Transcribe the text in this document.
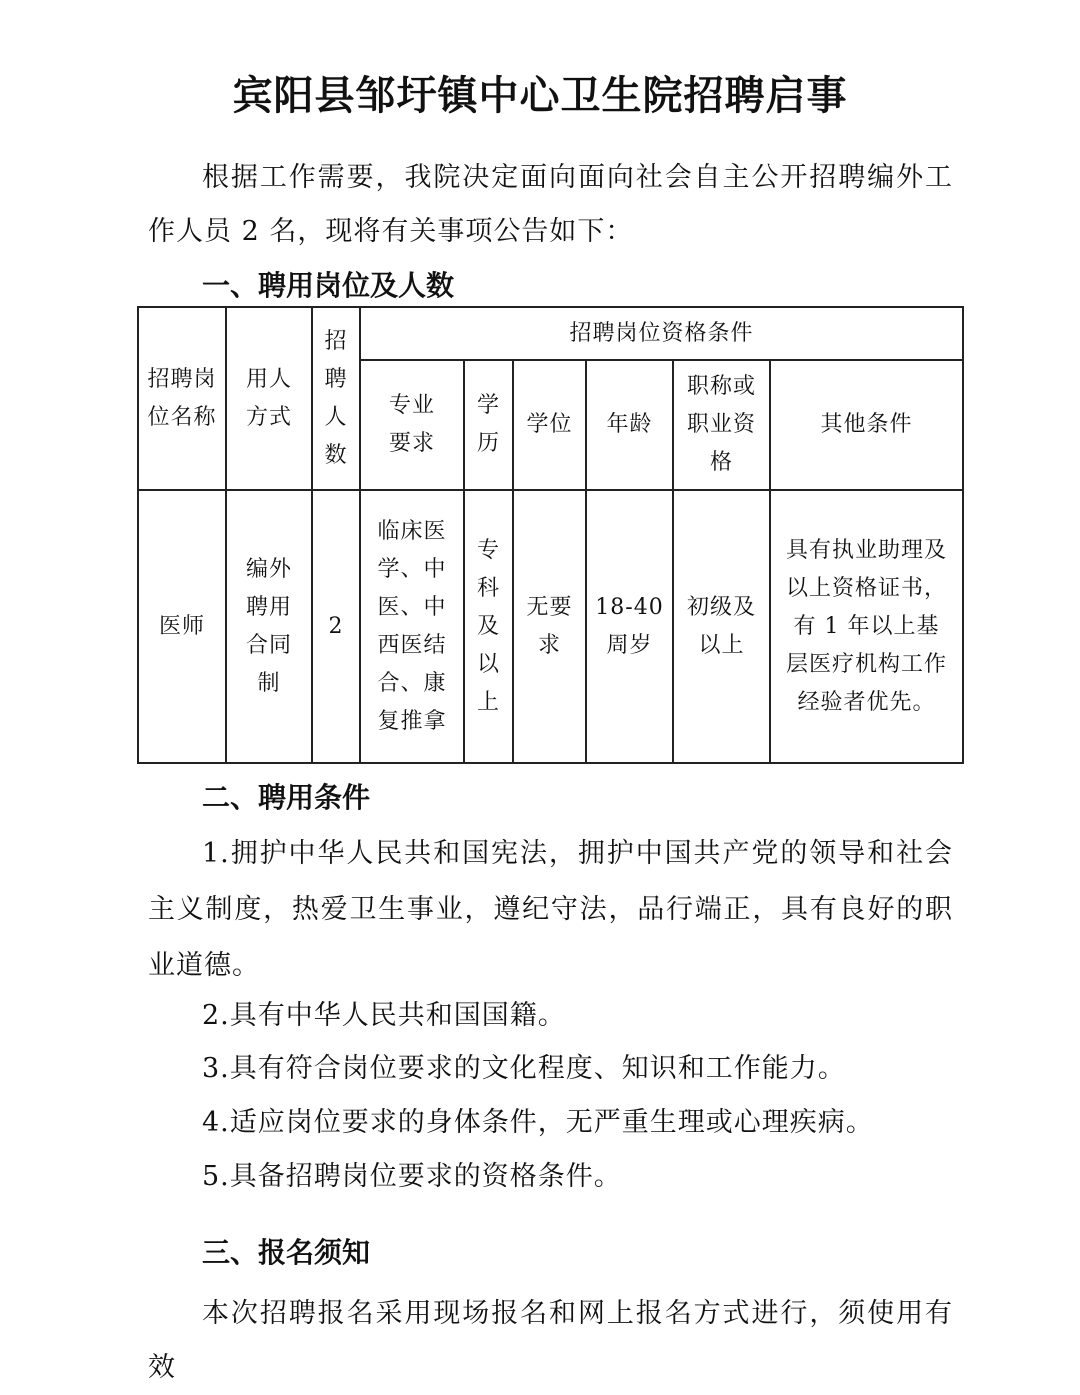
宾阳县邹圩镇中心卫生院招聘启事
根据工作需要，我院决定面向面向社会自主公开招聘编外工作人员 2 名，现将有关事项公告如下：
一、聘用岗位及人数
招聘岗位名称	用人方式	招聘人数	招聘岗位资格条件					

			专业要求	学历	学位	年龄	职称或职业资格	其他条件
医师	编外聘用合同制	2	临床医学、中医、中西医结合、康复推拿	专科及以上	无要求	18-40周岁	初级及以上	具有执业助理及以上资格证书，有 1 年以上基层医疗机构工作经验者优先。
二、聘用条件
1.拥护中华人民共和国宪法，拥护中国共产党的领导和社会主义制度，热爱卫生事业，遵纪守法，品行端正，具有良好的职业道德。
2.具有中华人民共和国国籍。
3.具有符合岗位要求的文化程度、知识和工作能力。
4.适应岗位要求的身体条件，无严重生理或心理疾病。
5.具备招聘岗位要求的资格条件。
三、报名须知
本次招聘报名采用现场报名和网上报名方式进行，须使用有效
